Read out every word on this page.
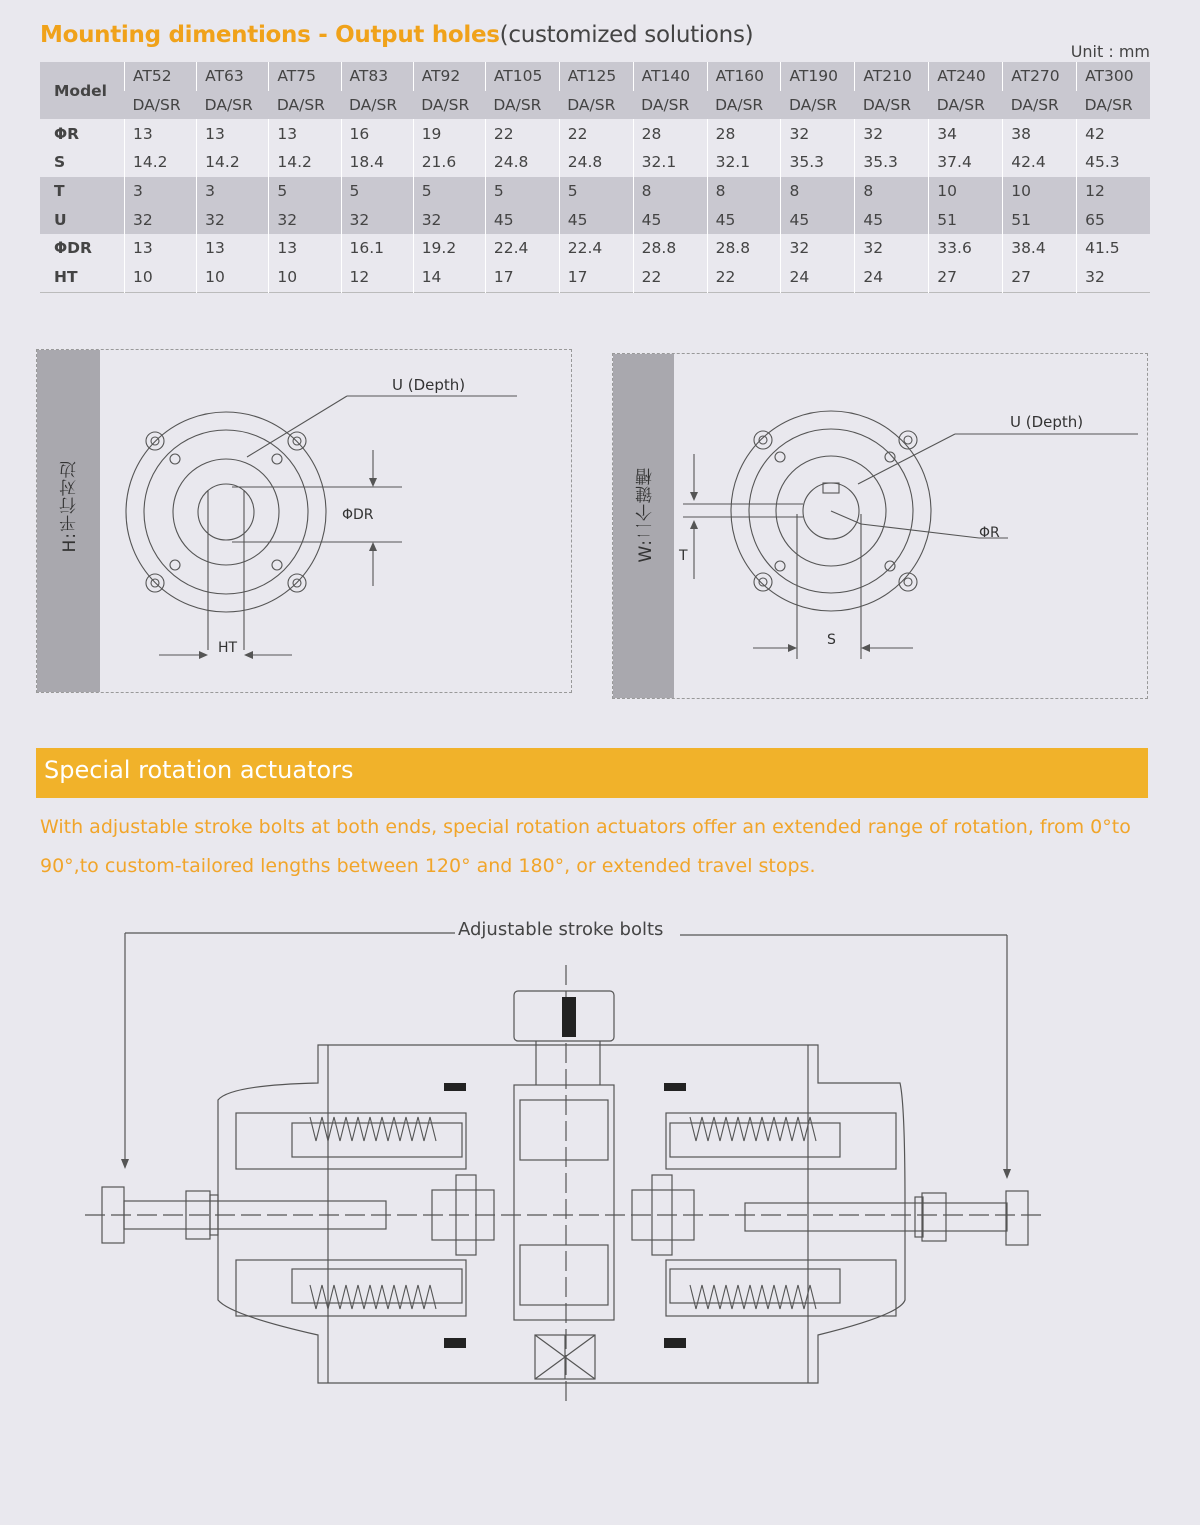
Mounting dimentions - Output holes(customized solutions)
Unit : mm
Model	AT52	AT63	AT75	AT83	AT92	AT105	AT125	AT140	AT160	AT190	AT210	AT240	AT270	AT300
	DA/SR	DA/SR	DA/SR	DA/SR	DA/SR	DA/SR	DA/SR	DA/SR	DA/SR	DA/SR	DA/SR	DA/SR	DA/SR	DA/SR
ΦR	13	13	13	16	19	22	22	28	28	32	32	34	38	42
S	14.2	14.2	14.2	18.4	21.6	24.8	24.8	32.1	32.1	35.3	35.3	37.4	42.4	45.3
T	3	3	5	5	5	5	5	8	8	8	8	10	10	12
U	32	32	32	32	32	45	45	45	45	45	45	51	51	65
ΦDR	13	13	13	16.1	19.2	22.4	22.4	28.8	28.8	32	32	33.6	38.4	41.5
HT	10	10	10	12	14	17	17	22	22	24	24	27	27	32
H:平行对边
U (Depth)
ΦDR
HT
W:二个键槽
U (Depth)
ΦR
T
S
Special rotation actuators
With adjustable stroke bolts at both ends, special rotation actuators offer an extended range of rotation, from 0°to 90°,to custom-tailored lengths between 120° and 180°, or extended travel stops.
Adjustable stroke bolts
